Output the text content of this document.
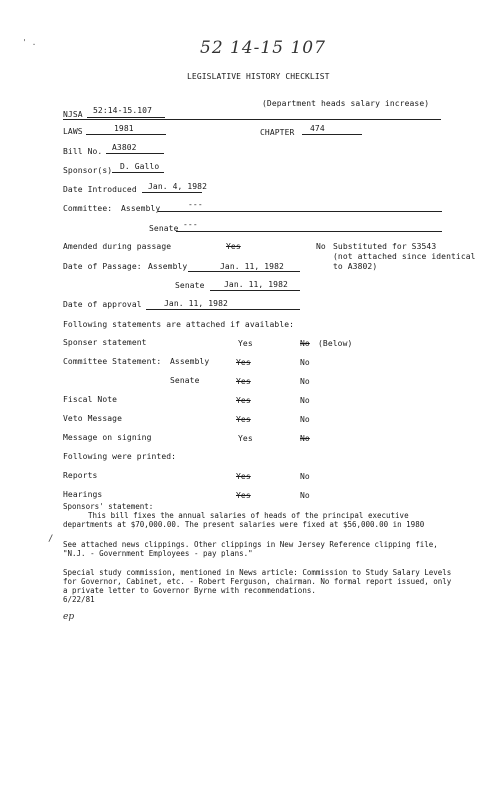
52 14-15 107
' .
LEGISLATIVE HISTORY CHECKLIST
(Department heads salary increase)
NJSA 52:14-15.107
LAWS	1981	CHAPTER 474
Bill No. A3802
Sponsor(s) D. Gallo
Date Introduced Jan. 4, 1982
Committee: Assembly	---
Senate ---
Amended during passage	Yes	No Substituted for S3543
(not attached since identical
to A3802)
Date of Passage: Assembly	Jan. 11, 1982
Senate Jan. 11, 1982
Date of approval	Jan. 11, 1982
Following statements are attached if available:
Sponser statement	Yes	No (Below)
Committee Statement: Assembly	Yes	No
Senate	Yes	No
Fiscal Note	Yes	No
Veto Message	Yes	No
Message on signing	Yes	No
Following were printed:
Reports	Yes	No
Hearings	Yes	No
Sponsors' statement:
This bill fixes the annual salaries of heads of the principal executive
departments at $70,000.00. The present salaries were fixed at $56,000.00 in 1980
/
See attached news clippings. Other clippings in New Jersey Reference clipping file,
"N.J. - Government Employees - pay plans."
Special study commission, mentioned in News article: Commission to Study Salary Levels
for Governor, Cabinet, etc. - Robert Ferguson, chairman. No formal report issued, only
a private letter to Governor Byrne with recommendations.
6/22/81
ep
